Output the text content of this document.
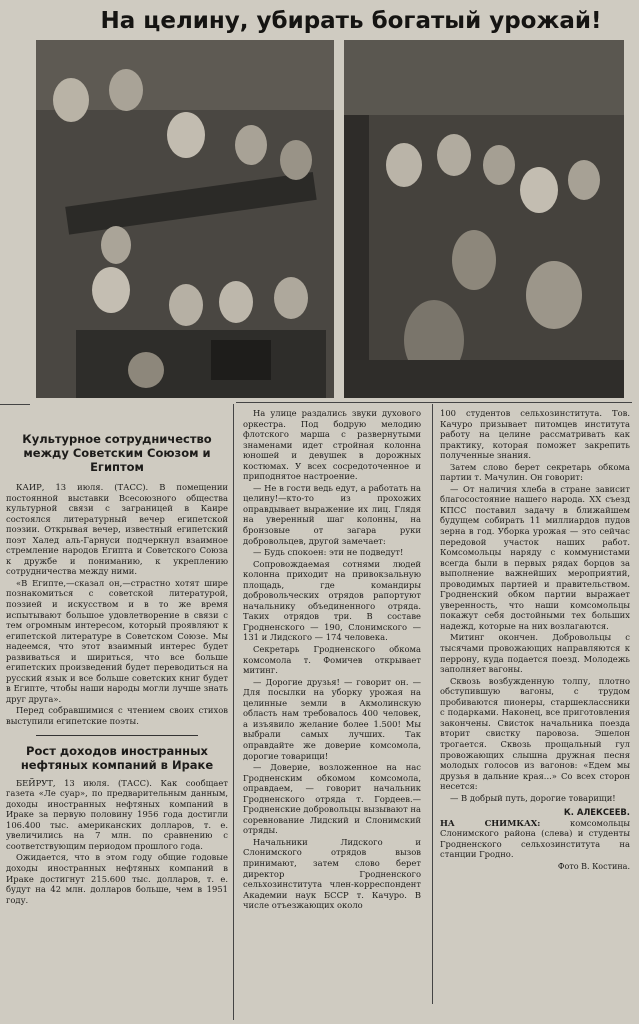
На целину, убирать богатый урожай!
Культурное сотрудничество между Советским Союзом и Египтом

КАИР, 13 июля. (ТАСС). В помещении постоянной выставки Всесоюзного общества культурной связи с заграницей в Каире состоялся литературный вечер египетской поэзии. Открывая вечер, известный египетский поэт Халед аль-Гарнуси подчеркнул взаимное стремление народов Египта и Советского Союза к дружбе и пониманию, к укреплению сотрудничества между ними.

«В Египте,—сказал он,—страстно хотят шире познакомиться с советской литературой, поэзией и искусством и в то же время испытывают большое удовлетворение в связи с тем огромным интересом, который проявляют к египетской литературе в Советском Союзе. Мы надеемся, что этот взаимный интерес будет развиваться и шириться, что все больше египетских произведений будет переводиться на русский язык и все больше советских книг будет в Египте, чтобы наши народы могли лучше знать друг друга».

Перед собравшимися с чтением своих стихов выступили египетские поэты.

Рост доходов иностранных нефтяных компаний в Ираке

БЕЙРУТ, 13 июля. (ТАСС). Как сообщает газета «Ле суар», по предварительным данным, доходы иностранных нефтяных компаний в Ираке за первую половину 1956 года достигли 106.400 тыс. американских долларов, т. е. увеличились на 7 млн. по сравнению с соответствующим периодом прошлого года.

Ожидается, что в этом году общие годовые доходы иностранных нефтяных компаний в Ираке достигнут 215.600 тыс. долларов, т. е. будут на 42 млн. долларов больше, чем в 1951 году.

На улице раздались звуки духового оркестра. Под бодрую мелодию флотского марша с развернутыми знаменами идет стройная колонна юношей и девушек в дорожных костюмах. У всех сосредоточенное и приподнятое настроение.

— Не в гости ведь едут, а работать на целину!—кто-то из прохожих оправдывает выражение их лиц. Глядя на уверенный шаг колонны, на бронзовые от загара руки добровольцев, другой замечает:

— Будь спокоен: эти не подведут!

Сопровождаемая сотнями людей колонна приходит на привокзальную площадь, где командиры добровольческих отрядов рапортуют начальнику объединенного отряда. Таких отрядов три. В составе Гродненского — 190, Слонимского — 131 и Лидского — 174 человека.

Секретарь Гродненского обкома комсомола т. Фомичев открывает митинг.

— Дорогие друзья! — говорит он. — Для посылки на уборку урожая на целинные земли в Акмолинскую область нам требовалось 400 человек, а изъявило желание более 1.500! Мы выбрали самых лучших. Так оправдайте же доверие комсомола, дорогие товарищи!

— Доверие, возложенное на нас Гродненским обкомом комсомола, оправдаем, — говорит начальник Гродненского отряда т. Гордеев.—Гродненские добровольцы вызывают на соревнование Лидский и Слонимский отряды.

Начальники Лидского и Слонимского отрядов вызов принимают, затем слово берет директор Гродненского сельхозинститута член-корреспондент Академии наук БССР т. Качуро. В числе отъезжающих около

100 студентов сельхозинститута. Тов. Качуро призывает питомцев института работу на целине рассматривать как практику, которая поможет закрепить полученные знания.

Затем слово берет секретарь обкома партии т. Мачулин. Он говорит:

— От наличия хлеба в стране зависит благосостояние нашего народа. XX съезд КПСС поставил задачу в ближайшем будущем собирать 11 миллиардов пудов зерна в год. Уборка урожая — это сейчас передовой участок наших работ. Комсомольцы наряду с коммунистами всегда были в первых рядах борцов за выполнение важнейших мероприятий, проводимых партией и правительством. Гродненский обком партии выражает уверенность, что наши комсомольцы покажут себя достойными тех больших надежд, которые на них возлагаются.

Митинг окончен. Добровольцы с тысячами провожающих направляются к перрону, куда подается поезд. Молодежь заполняет вагоны.

Сквозь возбужденную толпу, плотно обступившую вагоны, с трудом пробиваются пионеры, старшеклассники с подарками. Наконец, все приготовления закончены. Свисток начальника поезда вторит свистку паровоза. Эшелон трогается. Сквозь прощальный гул провожающих слышна дружная песня молодых голосов из вагонов: «Едем мы друзья в дальние края...» Со всех сторон несется:

— В добрый путь, дорогие товарищи!

К. АЛЕКСЕЕВ.

НА СНИМКАХ:	комсомольцы Слонимского района (слева) и студенты Гродненского сельхозинститута на станции Гродно.

Фото В. Костина.
